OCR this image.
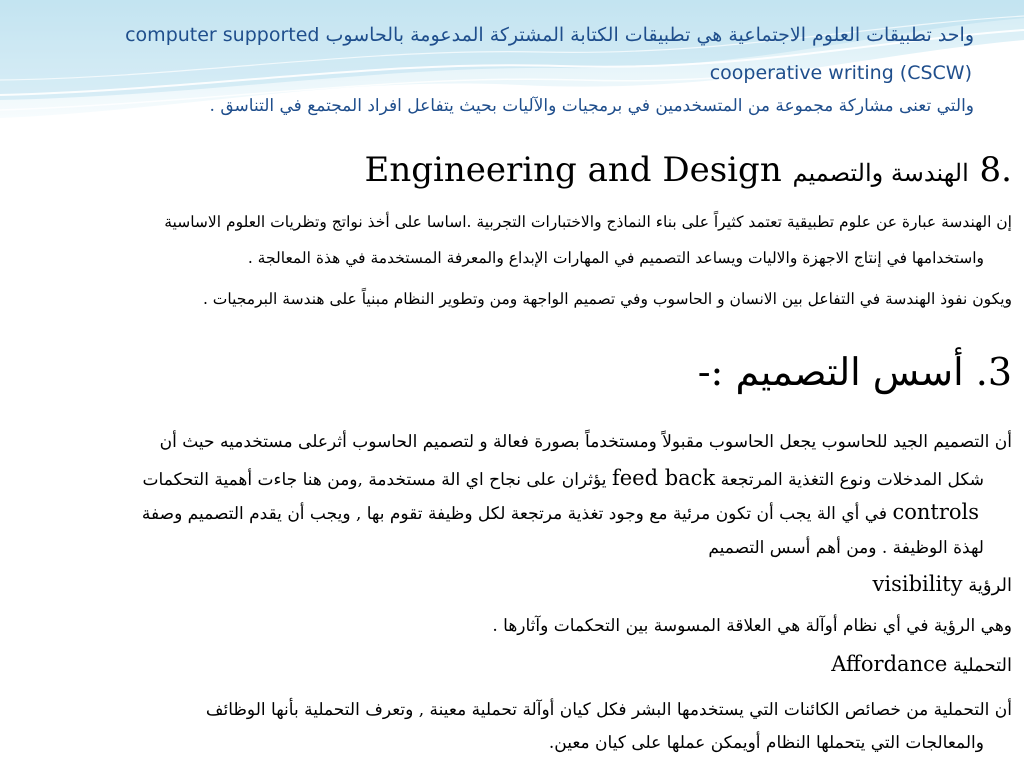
واحد تطبيقات العلوم الاجتماعية هي تطبيقات الكتابة المشتركة المدعومة بالحاسوب computer supported
cooperative writing (CSCW)
والتي تعنى مشاركة مجموعة من المتسخدمين في برمجيات والآليات بحيث يتفاعل افراد المجتمع في التناسق .
8. الهندسة والتصميم Engineering and Design
إن الهندسة عبارة عن علوم تطبيقية تعتمد كثيراً على بناء النماذج والاختبارات التجربية .اساسا على أخذ نواتج وتظريات العلوم الاساسية
واستخدامها في إنتاج الاجهزة والاليات ويساعد التصميم في المهارات الإبداع والمعرفة المستخدمة في هذة المعالجة .
ويكون نفوذ الهندسة في التفاعل بين الانسان و الحاسوب وفي تصميم الواجهة ومن وتطوير النظام مبنياً على هندسة البرمجيات .
3. أسس التصميم :-
أن التصميم الجيد للحاسوب يجعل الحاسوب مقبولاً ومستخدماً بصورة فعالة و لتصميم الحاسوب أثرعلى مستخدميه حيث أن
شكل المدخلات ونوع التغذية المرتجعة feed back يؤثران على نجاح اي الة مستخدمة ,ومن هنا جاءت أهمية التحكمات
controls في أي الة يجب أن تكون مرئية مع وجود تغذية مرتجعة لكل وظيفة تقوم بها , ويجب أن يقدم التصميم وصفة
لهذة الوظيفة . ومن أهم أسس التصميم
الرؤية visibility
وهي الرؤية في أي نظام أوآلة هي العلاقة المسوسة بين التحكمات وآثارها .
التحملية Affordance
أن التحملية من خصائص الكائنات التي يستخدمها البشر فكل كيان أوآلة تحملية معينة , وتعرف التحملية بأنها الوظائف
والمعالجات التي يتحملها النظام أويمكن عملها على كيان معين.
